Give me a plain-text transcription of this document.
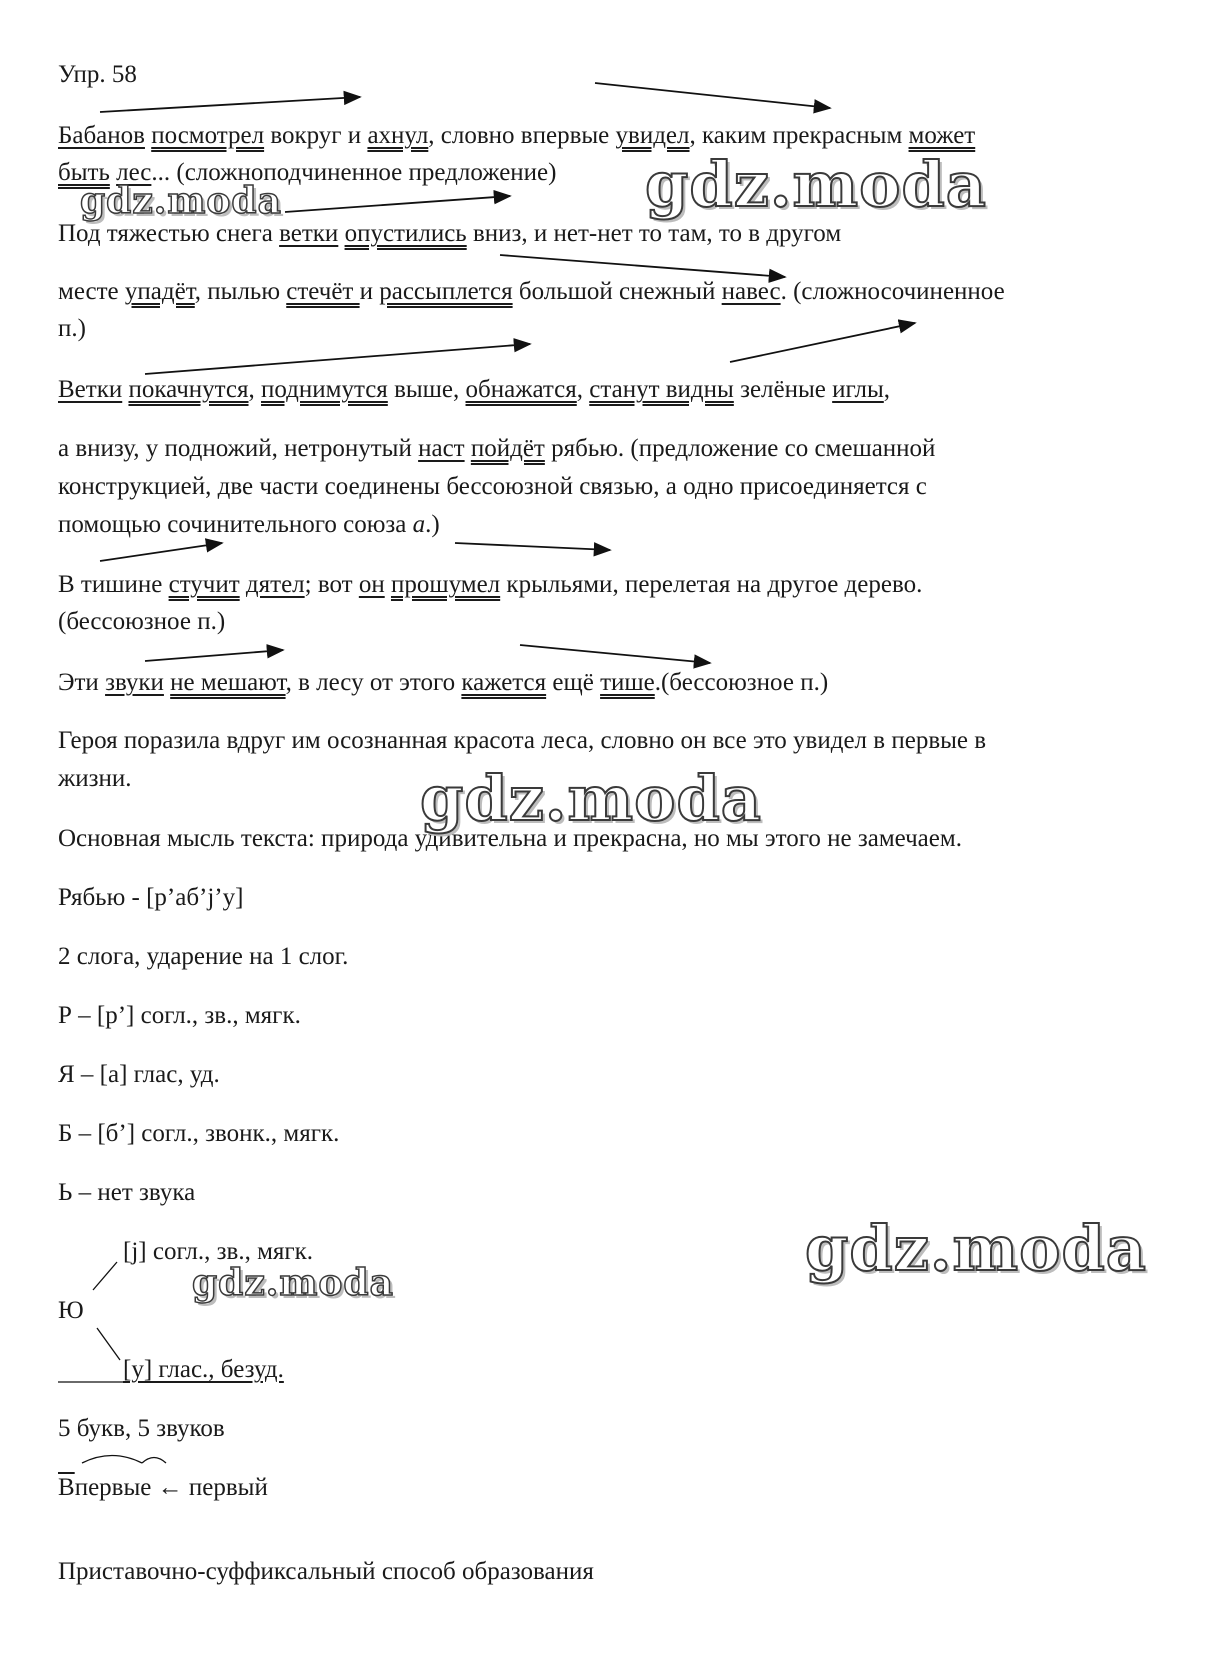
Упр. 58
Бабанов посмотрел вокруг и ахнул, словно впервые увидел, каким прекрасным может
быть лес... (сложноподчиненное предложение)
Под тяжестью снега ветки опустились вниз, и нет-нет то там, то в другом
месте упадёт, пылью стечёт и рассыплется большой снежный навес. (сложносочиненное
п.)
Ветки покачнутся, поднимутся выше, обнажатся, станут видны зелёные иглы,
а внизу, у подножий, нетронутый наст пойдёт рябью. (предложение со смешанной
конструкцией, две части соединены бессоюзной связью, а одно присоединяется с
помощью сочинительного союза а.)
В тишине стучит дятел; вот он прошумел крыльями, перелетая на другое дерево.
(бессоюзное п.)
Эти звуки не мешают, в лесу от этого кажется ещё тише.(бессоюзное п.)
Героя поразила вдруг им осознанная красота леса, словно он все это увидел в первые в
жизни.
Основная мысль текста: природа удивительна и прекрасна, но мы этого не замечаем.
Рябью - [р’аб’j’у]
2 слога, ударение на 1 слог.
Р – [р’] согл., зв., мягк.
Я – [а] глас, уд.
Б – [б’] согл., звонк., мягк.
Ь – нет звука
[j] согл., зв., мягк.
Ю
[у] глас., безуд.
5 букв, 5 звуков
Впервые ← первый
Приставочно-суффиксальный способ образования
gdz.moda	gdz.moda
gdz.moda
gdz.moda	gdz.moda
